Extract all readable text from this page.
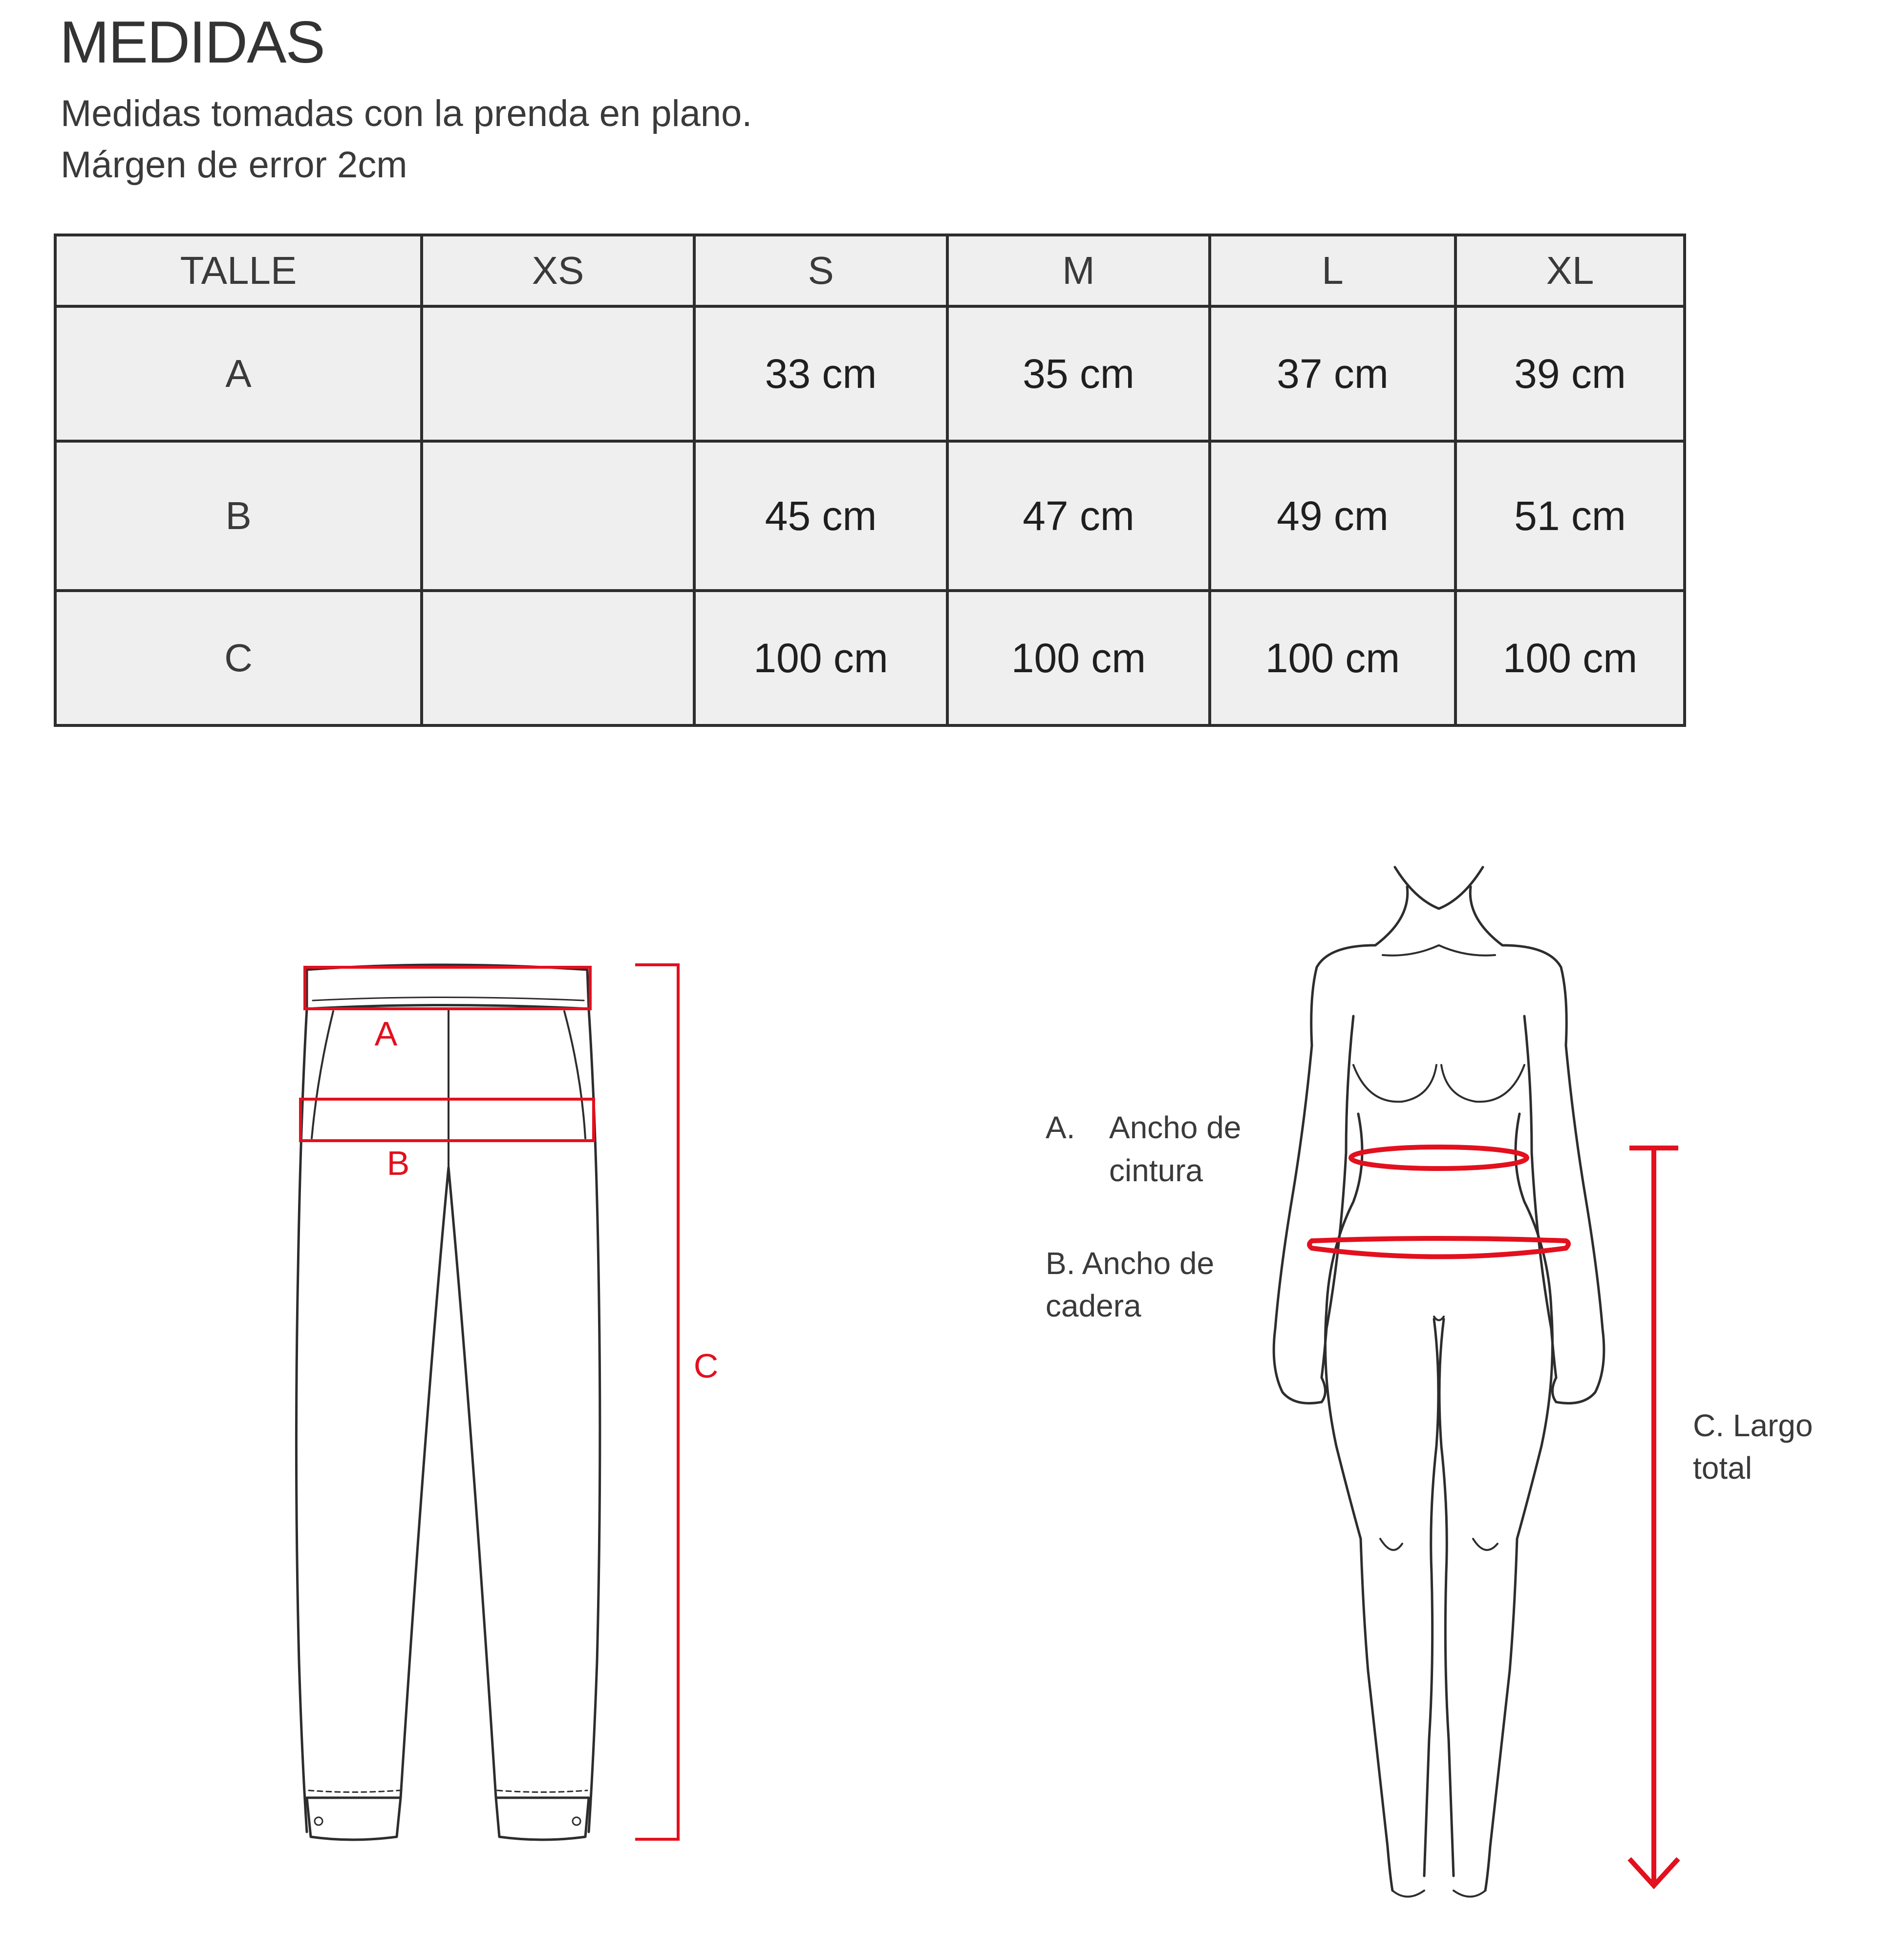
MEDIDAS
Medidas tomadas con la prenda en plano.
Márgen de error 2cm
TALLE	XS	S	M	L	XL
A		33 cm	35 cm	37 cm	39 cm
B		45 cm	47 cm	49 cm	51 cm
C		100 cm	100 cm	100 cm	100 cm
A
B
C
A. Ancho de
cintura
B. Ancho de
cadera
C. Largo
total
